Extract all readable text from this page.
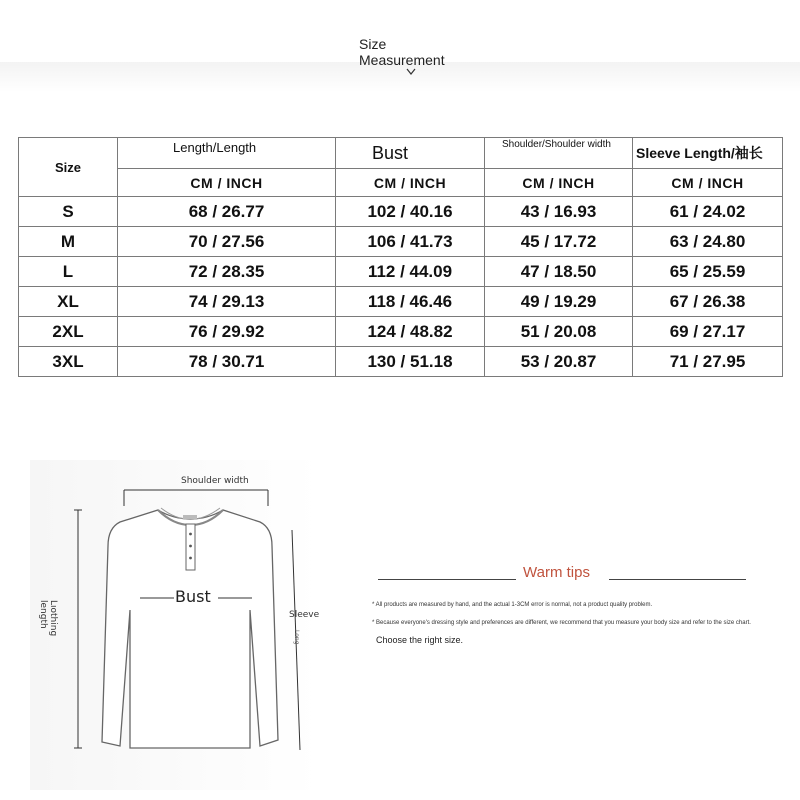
Size
Measurement
Size	Length/Length	Bust	Shoulder/Shoulder width	Sleeve Length/袖长
	CM / INCH	CM / INCH	CM / INCH	CM / INCH
S	68 / 26.77	102 / 40.16	43 / 16.93	61 / 24.02
M	70 / 27.56	106 / 41.73	45 / 17.72	63 / 24.80
L	72 / 28.35	112 / 44.09	47 / 18.50	65 / 25.59
XL	74 / 29.13	118 / 46.46	49 / 19.29	67 / 26.38
2XL	76 / 29.92	124 / 48.82	51 / 20.08	69 / 27.17
3XL	78 / 30.71	130 / 51.18	53 / 20.87	71 / 27.95
Shoulder width
Bust
Lıothing length	Sleeve
Long
Warm tips
* All products are measured by hand, and the actual 1-3CM error is normal, not a product quality problem.
* Because everyone's dressing style and preferences are different, we recommend that you measure your body size and refer to the size chart.
Choose the right size.
